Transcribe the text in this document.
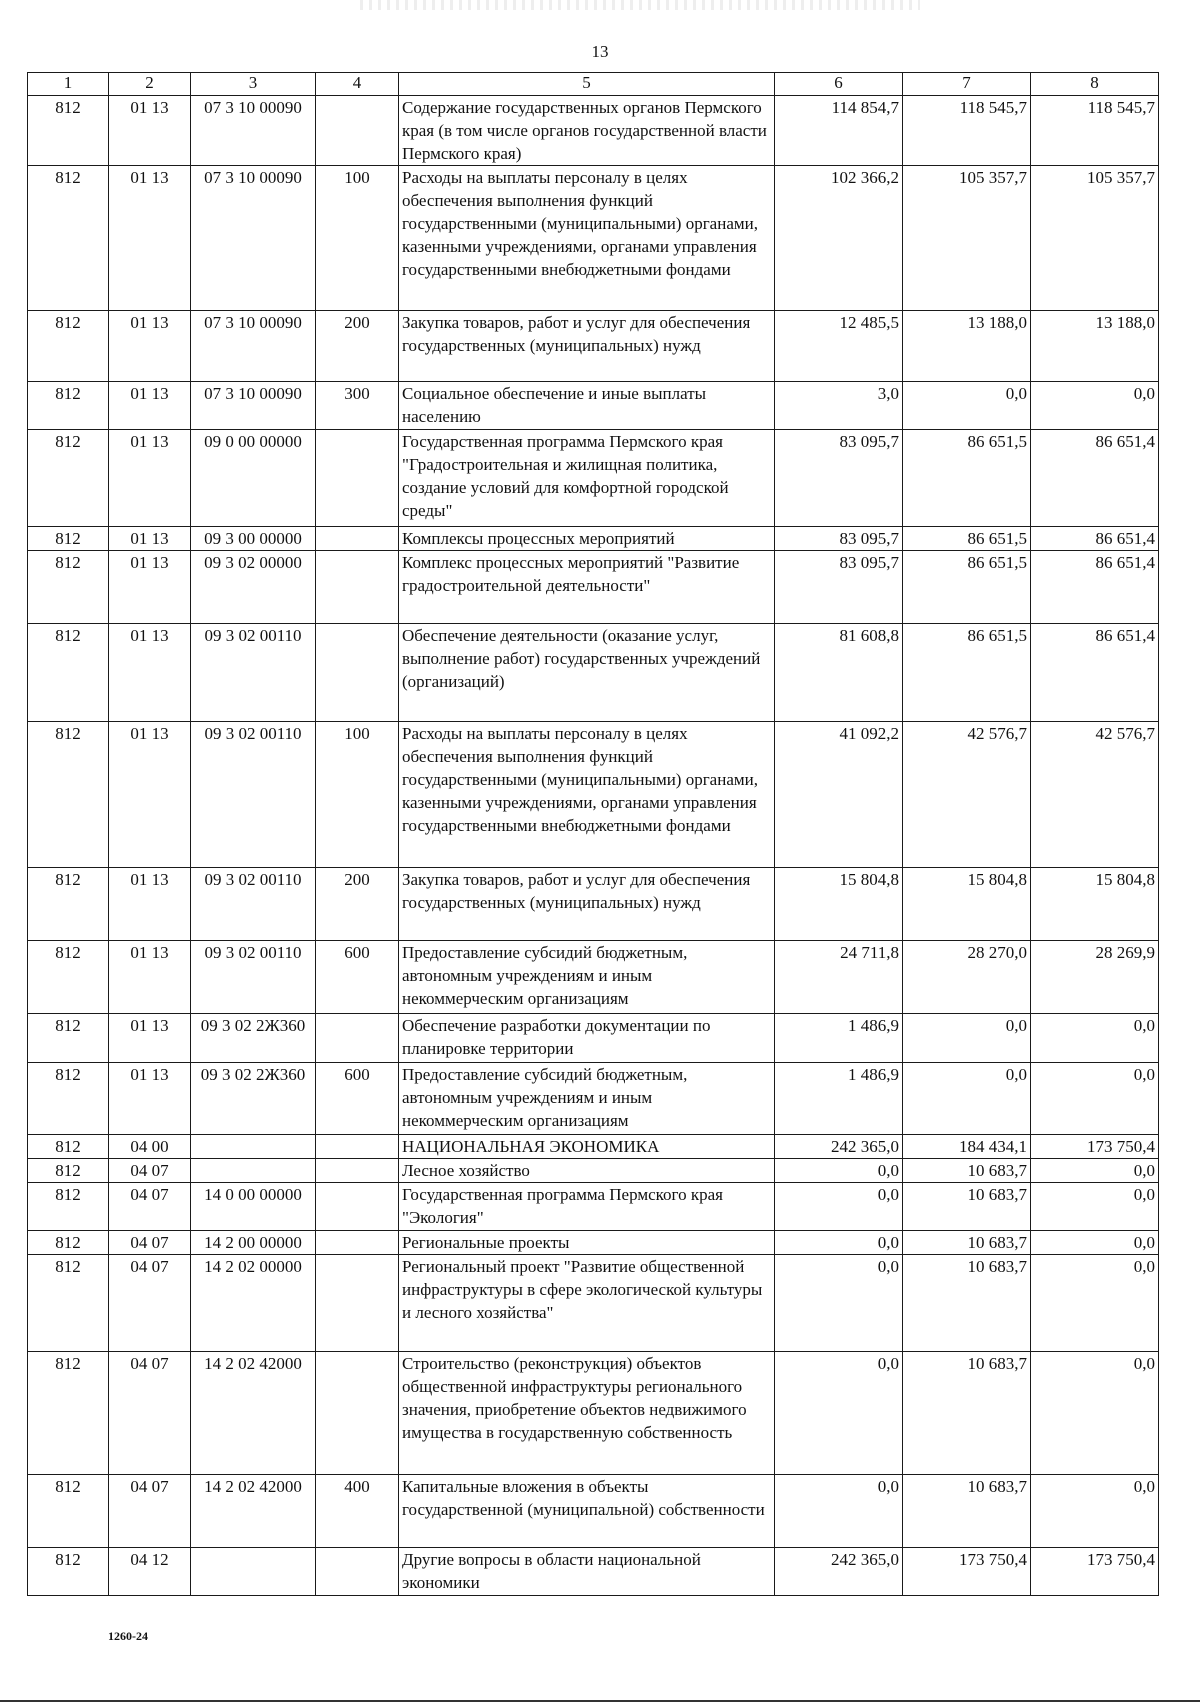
13
1	2	3	4	5	6	7	8
812	01 13	07 3 10 00090		Содержание государственных органов Пермского края (в том числе органов государственной власти Пермского края)	114 854,7	118 545,7	118 545,7
812	01 13	07 3 10 00090	100	Расходы на выплаты персоналу в целях обеспечения выполнения функций государственными (муниципальными) органами, казенными учреждениями, органами управления государственными внебюджетными фондами	102 366,2	105 357,7	105 357,7
812	01 13	07 3 10 00090	200	Закупка товаров, работ и услуг для обеспечения государственных (муниципальных) нужд	12 485,5	13 188,0	13 188,0
812	01 13	07 3 10 00090	300	Социальное обеспечение и иные выплаты населению	3,0	0,0	0,0
812	01 13	09 0 00 00000		Государственная программа Пермского края "Градостроительная и жилищная политика, создание условий для комфортной городской среды"	83 095,7	86 651,5	86 651,4
812	01 13	09 3 00 00000		Комплексы процессных мероприятий	83 095,7	86 651,5	86 651,4
812	01 13	09 3 02 00000		Комплекс процессных мероприятий "Развитие градостроительной деятельности"	83 095,7	86 651,5	86 651,4
812	01 13	09 3 02 00110		Обеспечение деятельности (оказание услуг, выполнение работ) государственных учреждений (организаций)	81 608,8	86 651,5	86 651,4
812	01 13	09 3 02 00110	100	Расходы на выплаты персоналу в целях обеспечения выполнения функций государственными (муниципальными) органами, казенными учреждениями, органами управления государственными внебюджетными фондами	41 092,2	42 576,7	42 576,7
812	01 13	09 3 02 00110	200	Закупка товаров, работ и услуг для обеспечения государственных (муниципальных) нужд	15 804,8	15 804,8	15 804,8
812	01 13	09 3 02 00110	600	Предоставление субсидий бюджетным, автономным учреждениям и иным некоммерческим организациям	24 711,8	28 270,0	28 269,9
812	01 13	09 3 02 2Ж360		Обеспечение разработки документации по планировке территории	1 486,9	0,0	0,0
812	01 13	09 3 02 2Ж360	600	Предоставление субсидий бюджетным, автономным учреждениям и иным некоммерческим организациям	1 486,9	0,0	0,0
812	04 00			НАЦИОНАЛЬНАЯ ЭКОНОМИКА	242 365,0	184 434,1	173 750,4
812	04 07			Лесное хозяйство	0,0	10 683,7	0,0
812	04 07	14 0 00 00000		Государственная программа Пермского края "Экология"	0,0	10 683,7	0,0
812	04 07	14 2 00 00000		Региональные проекты	0,0	10 683,7	0,0
812	04 07	14 2 02 00000		Региональный проект "Развитие общественной инфраструктуры в сфере экологической культуры и лесного хозяйства"	0,0	10 683,7	0,0
812	04 07	14 2 02 42000		Строительство (реконструкция) объектов общественной инфраструктуры регионального значения, приобретение объектов недвижимого имущества в государственную собственность	0,0	10 683,7	0,0
812	04 07	14 2 02 42000	400	Капитальные вложения в объекты государственной (муниципальной) собственности	0,0	10 683,7	0,0
812	04 12			Другие вопросы в области национальной экономики	242 365,0	173 750,4	173 750,4
1260-24
